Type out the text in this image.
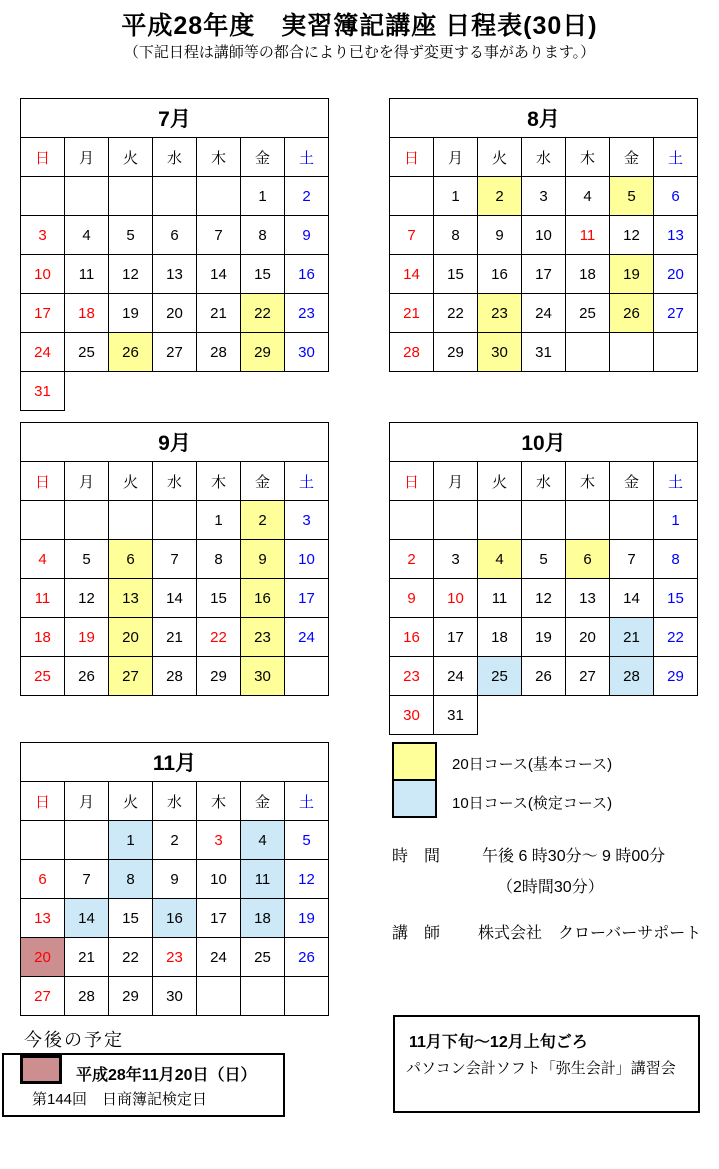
平成28年度　実習簿記講座 日程表(30日)
（下記日程は講師等の都合により已むを得ず変更する事があります。）
7月						
日	月	火	水	木	金	土
					1	2
3	4	5	6	7	8	9
10	11	12	13	14	15	16
17	18	19	20	21	22	23
24	25	26	27	28	29	30
31						
8月						
日	月	火	水	木	金	土
	1	2	3	4	5	6
7	8	9	10	11	12	13
14	15	16	17	18	19	20
21	22	23	24	25	26	27
28	29	30	31			
9月						
日	月	火	水	木	金	土
				1	2	3
4	5	6	7	8	9	10
11	12	13	14	15	16	17
18	19	20	21	22	23	24
25	26	27	28	29	30	
10月						
日	月	火	水	木	金	土
						1
2	3	4	5	6	7	8
9	10	11	12	13	14	15
16	17	18	19	20	21	22
23	24	25	26	27	28	29
30	31					
11月						
日	月	火	水	木	金	土
		1	2	3	4	5
6	7	8	9	10	11	12
13	14	15	16	17	18	19
20	21	22	23	24	25	26
27	28	29	30			
20日コース(基本コース)
10日コース(検定コース)
時　間	午後 6 時30分～ 9 時00分
（2時間30分）
講　師 株式会社　クローバーサポート
今後の予定
平成28年11月20日（日）
第144回　日商簿記検定日
11月下旬～12月上旬ごろ
パソコン会計ソフト「弥生会計」講習会
